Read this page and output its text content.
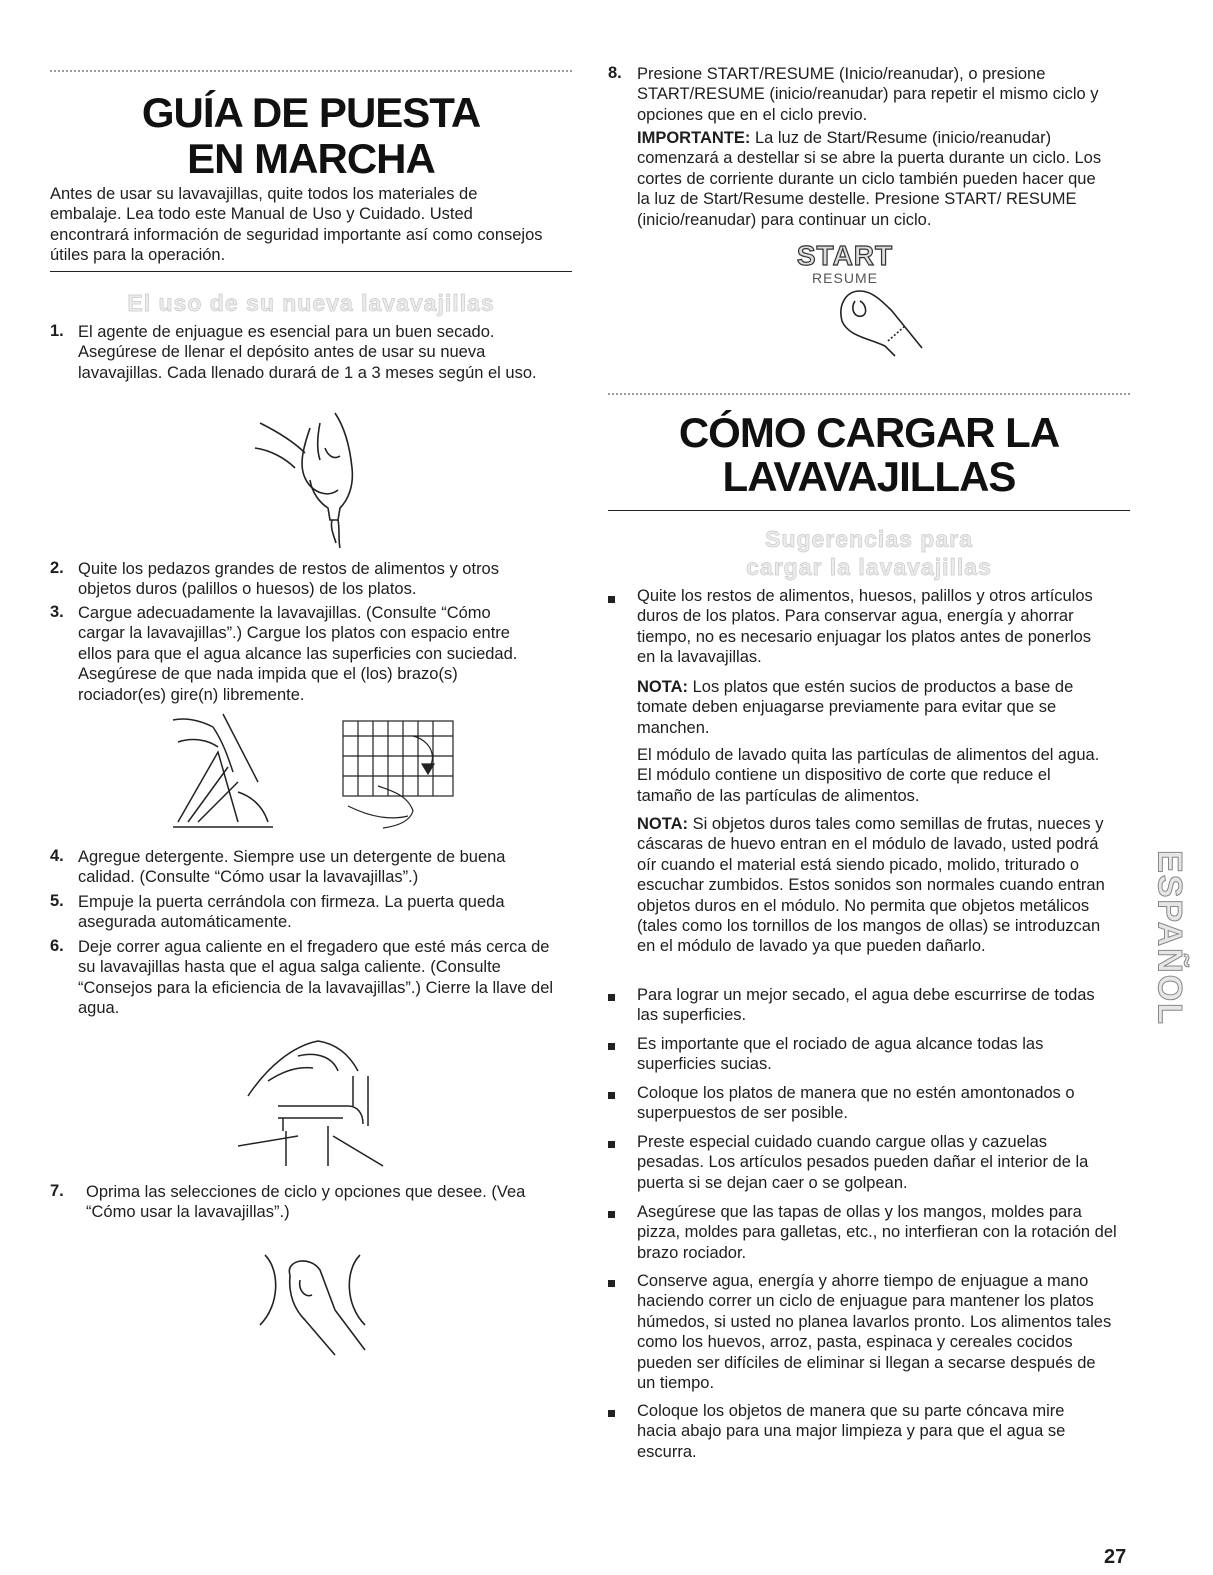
GUÍA DE PUESTA
EN MARCHA

Antes de usar su lavavajillas, quite todos los materiales de embalaje. Lea todo este Manual de Uso y Cuidado. Usted encontrará información de seguridad importante así como consejos útiles para la operación.

El uso de su nueva lavavajillas
1. El agente de enjuague es esencial para un buen secado. Asegúrese de llenar el depósito antes de usar su nueva lavavajillas. Cada llenado durará de 1 a 3 meses según el uso.
2. Quite los pedazos grandes de restos de alimentos y otros objetos duros (palillos o huesos) de los platos.
3. Cargue adecuadamente la lavavajillas. (Consulte “Cómo cargar la lavavajillas”.) Cargue los platos con espacio entre ellos para que el agua alcance las superficies con suciedad. Asegúrese de que nada impida que el (los) brazo(s) rociador(es) gire(n) libremente.
4. Agregue detergente. Siempre use un detergente de buena calidad. (Consulte “Cómo usar la lavavajillas”.)
5. Empuje la puerta cerrándola con firmeza. La puerta queda asegurada automáticamente.
6. Deje correr agua caliente en el fregadero que esté más cerca de su lavavajillas hasta que el agua salga caliente. (Consulte “Consejos para la eficiencia de la lavavajillas”.) Cierre la llave del agua.
7. Oprima las selecciones de ciclo y opciones que desee. (Vea “Cómo usar la lavavajillas”.)
8. Presione START/RESUME (Inicio/reanudar), o presione START/RESUME (inicio/reanudar) para repetir el mismo ciclo y opciones que en el ciclo previo.
IMPORTANTE: La luz de Start/Resume (inicio/reanudar) comenzará a destellar si se abre la puerta durante un ciclo. Los cortes de corriente durante un ciclo también pueden hacer que la luz de Start/Resume destelle. Presione START/ RESUME (inicio/reanudar) para continuar un ciclo.
START
RESUME
CÓMO CARGAR LA
LAVAVAJILLAS
Sugerencias para
cargar la lavavajillas
Quite los restos de alimentos, huesos, palillos y otros artículos duros de los platos. Para conservar agua, energía y ahorrar tiempo, no es necesario enjuagar los platos antes de ponerlos en la lavavajillas.
NOTA: Los platos que estén sucios de productos a base de tomate deben enjuagarse previamente para evitar que se manchen.
El módulo de lavado quita las partículas de alimentos del agua. El módulo contiene un dispositivo de corte que reduce el tamaño de las partículas de alimentos.
NOTA: Si objetos duros tales como semillas de frutas, nueces y cáscaras de huevo entran en el módulo de lavado, usted podrá oír cuando el material está siendo picado, molido, triturado o escuchar zumbidos. Estos sonidos son normales cuando entran objetos duros en el módulo. No permita que objetos metálicos (tales como los tornillos de los mangos de ollas) se introduzcan en el módulo de lavado ya que pueden dañarlo.
Para lograr un mejor secado, el agua debe escurrirse de todas las superficies.
Es importante que el rociado de agua alcance todas las superficies sucias.
Coloque los platos de manera que no estén amontonados o superpuestos de ser posible.
Preste especial cuidado cuando cargue ollas y cazuelas pesadas. Los artículos pesados pueden dañar el interior de la puerta si se dejan caer o se golpean.
Asegúrese que las tapas de ollas y los mangos, moldes para pizza, moldes para galletas, etc., no interfieran con la rotación del brazo rociador.
Conserve agua, energía y ahorre tiempo de enjuague a mano haciendo correr un ciclo de enjuague para mantener los platos húmedos, si usted no planea lavarlos pronto. Los alimentos tales como los huevos, arroz, pasta, espinaca y cereales cocidos pueden ser difíciles de eliminar si llegan a secarse después de un tiempo.
Coloque los objetos de manera que su parte cóncava mire hacia abajo para una major limpieza y para que el agua se escurra.
ESPAÑOL
27
